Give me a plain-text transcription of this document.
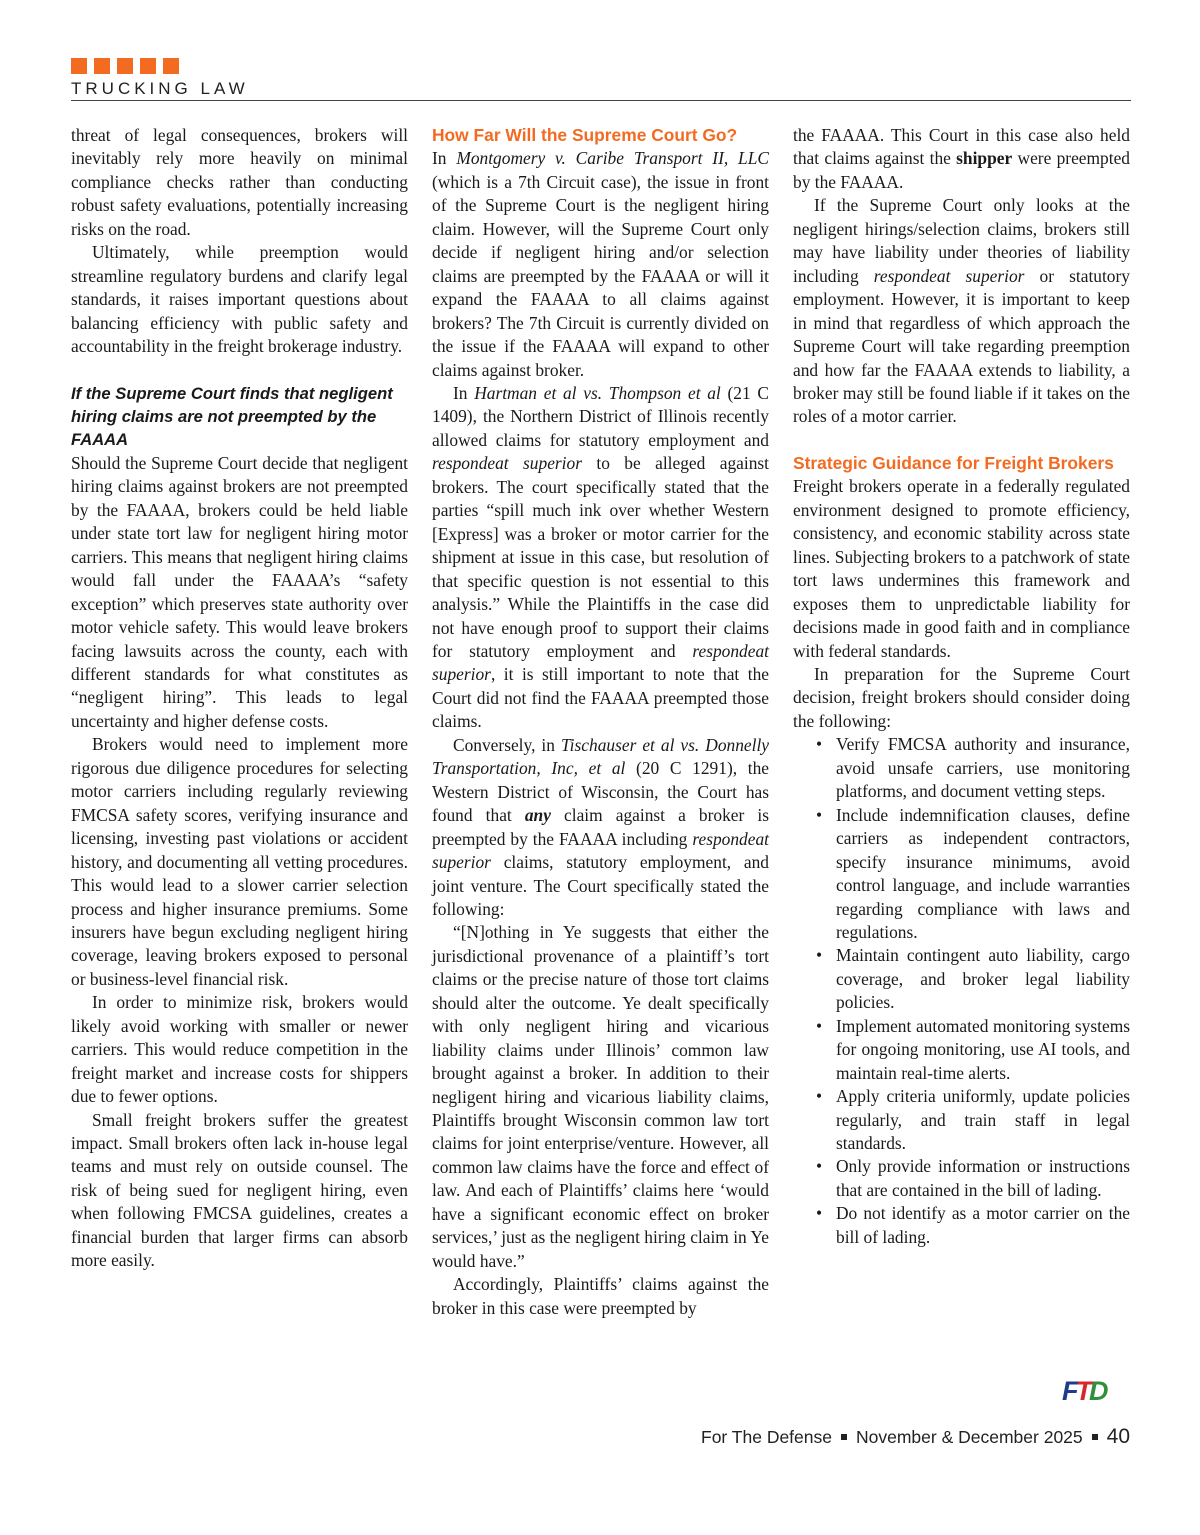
TRUCKING LAW

threat of legal consequences, brokers will inevitably rely more heavily on minimal compliance checks rather than conducting robust safety evaluations, potentially increasing risks on the road.

Ultimately, while preemption would streamline regulatory burdens and clarify legal standards, it raises important questions about balancing efficiency with public safety and accountability in the freight brokerage industry.

If the Supreme Court finds that negligent hiring claims are not preempted by the FAAAA

Should the Supreme Court decide that negligent hiring claims against brokers are not preempted by the FAAAA, brokers could be held liable under state tort law for negligent hiring motor carriers. This means that negligent hiring claims would fall under the FAAAA’s “safety exception” which preserves state authority over motor vehicle safety. This would leave brokers facing lawsuits across the county, each with different standards for what constitutes as “negligent hiring”. This leads to legal uncertainty and higher defense costs.

Brokers would need to implement more rigorous due diligence procedures for selecting motor carriers including regularly reviewing FMCSA safety scores, verifying insurance and licensing, investing past violations or accident history, and documenting all vetting procedures. This would lead to a slower carrier selection process and higher insurance premiums. Some insurers have begun excluding negligent hiring coverage, leaving brokers exposed to personal or business-level financial risk.

In order to minimize risk, brokers would likely avoid working with smaller or newer carriers. This would reduce competition in the freight market and increase costs for shippers due to fewer options.

Small freight brokers suffer the greatest impact. Small brokers often lack in-house legal teams and must rely on outside counsel. The risk of being sued for negligent hiring, even when following FMCSA guidelines, creates a financial burden that larger firms can absorb more easily.

How Far Will the Supreme Court Go?

In Montgomery v. Caribe Transport II, LLC (which is a 7th Circuit case), the issue in front of the Supreme Court is the negligent hiring claim. However, will the Supreme Court only decide if negligent hiring and/or selection claims are preempted by the FAAAA or will it expand the FAAAA to all claims against brokers? The 7th Circuit is currently divided on the issue if the FAAAA will expand to other claims against broker.

In Hartman et al vs. Thompson et al (21 C 1409), the Northern District of Illinois recently allowed claims for statutory employment and respondeat superior to be alleged against brokers. The court specifically stated that the parties “spill much ink over whether Western [Express] was a broker or motor carrier for the shipment at issue in this case, but resolution of that specific question is not essential to this analysis.” While the Plaintiffs in the case did not have enough proof to support their claims for statutory employment and respondeat superior, it is still important to note that the Court did not find the FAAAA preempted those claims.

Conversely, in Tischauser et al vs. Donnelly Transportation, Inc, et al (20 C 1291), the Western District of Wisconsin, the Court has found that any claim against a broker is preempted by the FAAAA including respondeat superior claims, statutory employment, and joint venture. The Court specifically stated the following:

“[N]othing in Ye suggests that either the jurisdictional provenance of a plaintiff’s tort claims or the precise nature of those tort claims should alter the outcome. Ye dealt specifically with only negligent hiring and vicarious liability claims under Illinois’ common law brought against a broker. In addition to their negligent hiring and vicarious liability claims, Plaintiffs brought Wisconsin common law tort claims for joint enterprise/venture. However, all common law claims have the force and effect of law. And each of Plaintiffs’ claims here ‘would have a significant economic effect on broker services,’ just as the negligent hiring claim in Ye would have.”

Accordingly, Plaintiffs’ claims against the broker in this case were preempted by

the FAAAA. This Court in this case also held that claims against the shipper were preempted by the FAAAA.

If the Supreme Court only looks at the negligent hirings/selection claims, brokers still may have liability under theories of liability including respondeat superior or statutory employment. However, it is important to keep in mind that regardless of which approach the Supreme Court will take regarding preemption and how far the FAAAA extends to liability, a broker may still be found liable if it takes on the roles of a motor carrier.

Strategic Guidance for Freight Brokers

Freight brokers operate in a federally regulated environment designed to promote efficiency, consistency, and economic stability across state lines. Subjecting brokers to a patchwork of state tort laws undermines this framework and exposes them to unpredictable liability for decisions made in good faith and in compliance with federal standards.

In preparation for the Supreme Court decision, freight brokers should consider doing the following:

• Verify FMCSA authority and insurance, avoid unsafe carriers, use monitoring platforms, and document vetting steps.
• Include indemnification clauses, define carriers as independent contractors, specify insurance minimums, avoid control language, and include warranties regarding compliance with laws and regulations.
• Maintain contingent auto liability, cargo coverage, and broker legal liability policies.
• Implement automated monitoring systems for ongoing monitoring, use AI tools, and maintain real-time alerts.
• Apply criteria uniformly, update policies regularly, and train staff in legal standards.
• Only provide information or instructions that are contained in the bill of lading.
• Do not identify as a motor carrier on the bill of lading.
FTD
For The Defense November & December 2025 40
